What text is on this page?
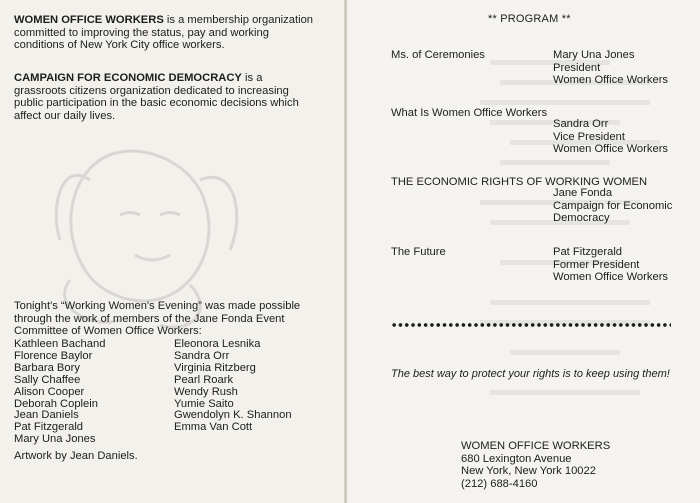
WOMEN OFFICE WORKERS is a membership organization committed to improving the status, pay and working conditions of New York City office workers.
CAMPAIGN FOR ECONOMIC DEMOCRACY is a grassroots citizens organization dedicated to increasing public participation in the basic economic decisions which affect our daily lives.
Tonight's “Working Women's Evening” was made possible through the work of members of the Jane Fonda Event Committee of Women Office Workers:
Kathleen Bachand
Florence Baylor
Barbara Bory
Sally Chaffee
Alison Cooper
Deborah Coplein
Jean Daniels
Pat Fitzgerald
Mary Una Jones
Eleonora Lesnika
Sandra Orr
Virginia Ritzberg
Pearl Roark
Wendy Rush
Yumie Saito
Gwendolyn K. Shannon
Emma Van Cott
Artwork by Jean Daniels.
** PROGRAM **
Ms. of Ceremonies	Mary Una Jones
President
Women Office Workers
What Is Women Office Workers
Sandra Orr
Vice President
Women Office Workers
THE ECONOMIC RIGHTS OF WORKING WOMEN
Jane Fonda
Campaign for Economic
Democracy
The Future	Pat Fitzgerald
Former President
Women Office Workers
The best way to protect your rights is to keep using them!
WOMEN OFFICE WORKERS
680 Lexington Avenue
New York, New York 10022
(212) 688-4160
